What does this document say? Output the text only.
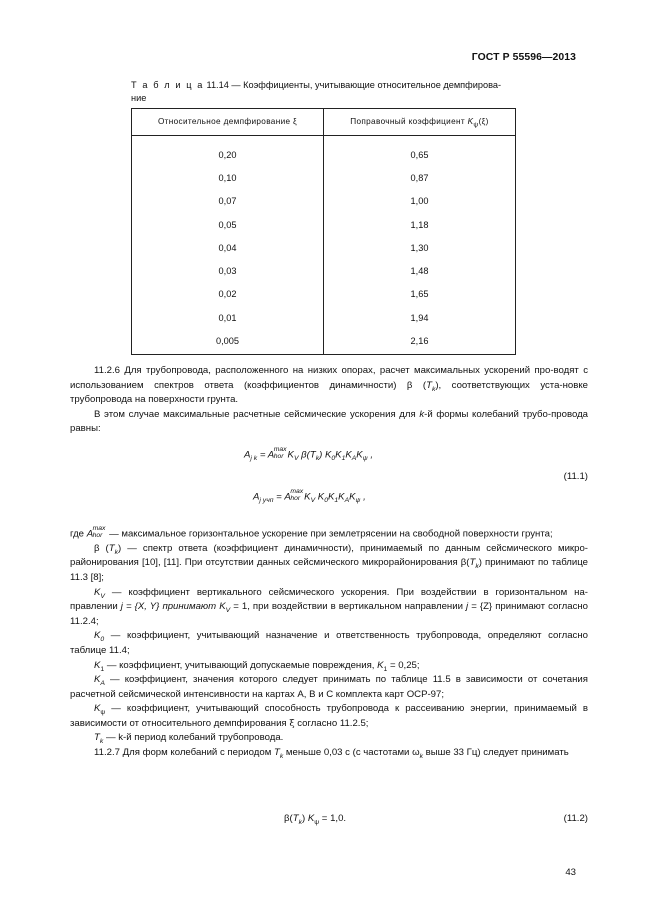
ГОСТ Р 55596—2013
Т а б л и ц а 11.14 — Коэффициенты, учитывающие относительное демпфирова-ние
Относительное демпфирование ξ	Поправочный коэффициент $K_\psi(\xi)$

0,20	0,65
0,10	0,87
0,07	1,00
0,05	1,18
0,04	1,30
0,03	1,48
0,02	1,65
0,01	1,94
0,005	2,16

11.2.6 Для трубопровода, расположенного на низких опорах, расчет максимальных ускорений про-водят с использованием спектров ответа (коэффициентов динамичности) β $(T_k)$, соответствующих уста-новке трубопровода на поверхности грунта.

В этом случае максимальные расчетные сейсмические ускорения для k-й формы колебаний трубо-провода равны:

$A_{j k} = A$ max
hor $K_V$ $\beta(T_k)$ $K_0K_1K_AK_\psi$ ,
(11.1)
$A_{j учп} = A$ max
hor $K_V$ $K_0K_1K_AK_\psi$ ,

где A max
hor — максимальное горизонтальное ускорение при землетрясении на свободной поверхности грунта;

β $(T_k)$ — спектр ответа (коэффициент динамичности), принимаемый по данным сейсмического микро-районирования [10], [11]. При отсутствии данных сейсмического микрорайонирования $\beta(T_k)$ принимают по таблице 11.3 [8];

$K_V$ — коэффициент вертикального сейсмического ускорения. При воздействии в горизонтальном на-правлении j = {X, Y} принимают $K_V = 1$, при воздействии в вертикальном направлении j = {Z} принимают согласно 11.2.4;

$K_0$ — коэффициент, учитывающий назначение и ответственность трубопровода, определяют согласно таблице 11.4;

$K_1$ — коэффициент, учитывающий допускаемые повреждения, $K_1 = 0,25$;

$K_A$ — коэффициент, значения которого следует принимать по таблице 11.5 в зависимости от сочетания расчетной сейсмической интенсивности на картах А, В и С комплекта карт ОСР-97;

$K_\psi$ — коэффициент, учитывающий способность трубопровода к рассеиванию энергии, принимаемый в зависимости от относительного демпфирования ξ согласно 11.2.5;

$T_k$ — k-й период колебаний трубопровода.

11.2.7 Для форм колебаний с периодом $T_k$ меньше 0,03 с (с частотами $\omega_k$ выше 33 Гц) следует принимать

$\beta(T_k) K_\psi = 1,0$.	(11.2)
43
